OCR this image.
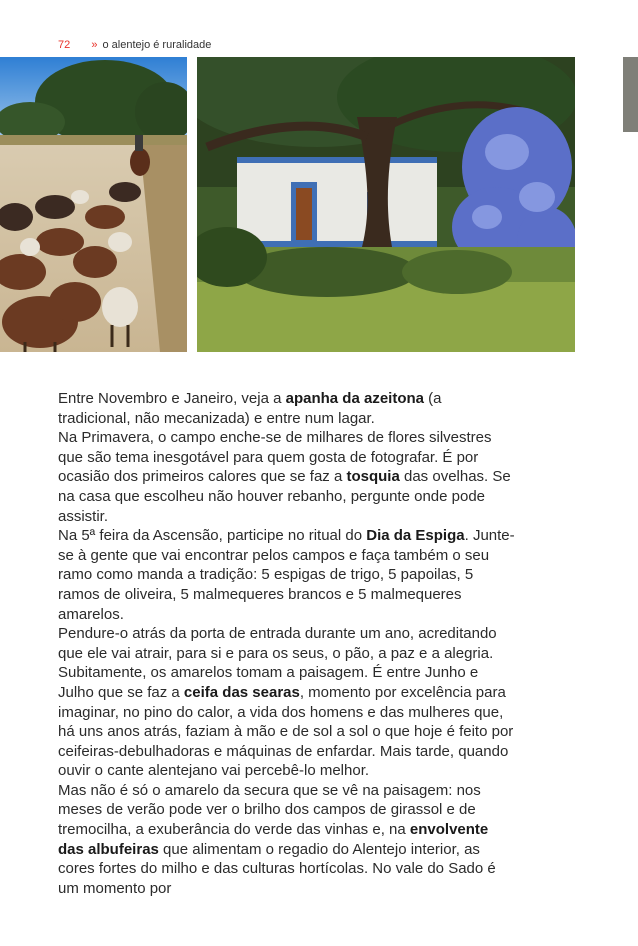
72 » o alentejo é ruralidade

Entre Novembro e Janeiro, veja a apanha da azeitona (a tradicional, não mecanizada) e entre num lagar.

Na Primavera, o campo enche-se de milhares de flores silvestres que são tema inesgotável para quem gosta de fotografar. É por ocasião dos primeiros calores que se faz a tosquia das ovelhas. Se na casa que escolheu não houver rebanho, pergunte onde pode assistir.

Na 5ª feira da Ascensão, participe no ritual do Dia da Espiga. Junte-se à gente que vai encontrar pelos campos e faça também o seu ramo como manda a tradição: 5 espigas de trigo, 5 papoilas, 5 ramos de oliveira, 5 malmequeres brancos e 5 malmequeres amarelos.

Pendure-o atrás da porta de entrada durante um ano, acreditando que ele vai atrair, para si e para os seus, o pão, a paz e a alegria.

Subitamente, os amarelos tomam a paisagem. É entre Junho e Julho que se faz a ceifa das searas, momento por excelência para imaginar, no pino do calor, a vida dos homens e das mulheres que, há uns anos atrás, faziam à mão e de sol a sol o que hoje é feito por ceifeiras-debulhadoras e máquinas de enfardar. Mais tarde, quando ouvir o cante alentejano vai percebê-lo melhor.

Mas não é só o amarelo da secura que se vê na paisagem: nos meses de verão pode ver o brilho dos campos de girassol e de tremocilha, a exuberância do verde das vinhas e, na envolvente das albufeiras que alimentam o regadio do Alentejo interior, as cores fortes do milho e das culturas hortícolas. No vale do Sado é um momento por
